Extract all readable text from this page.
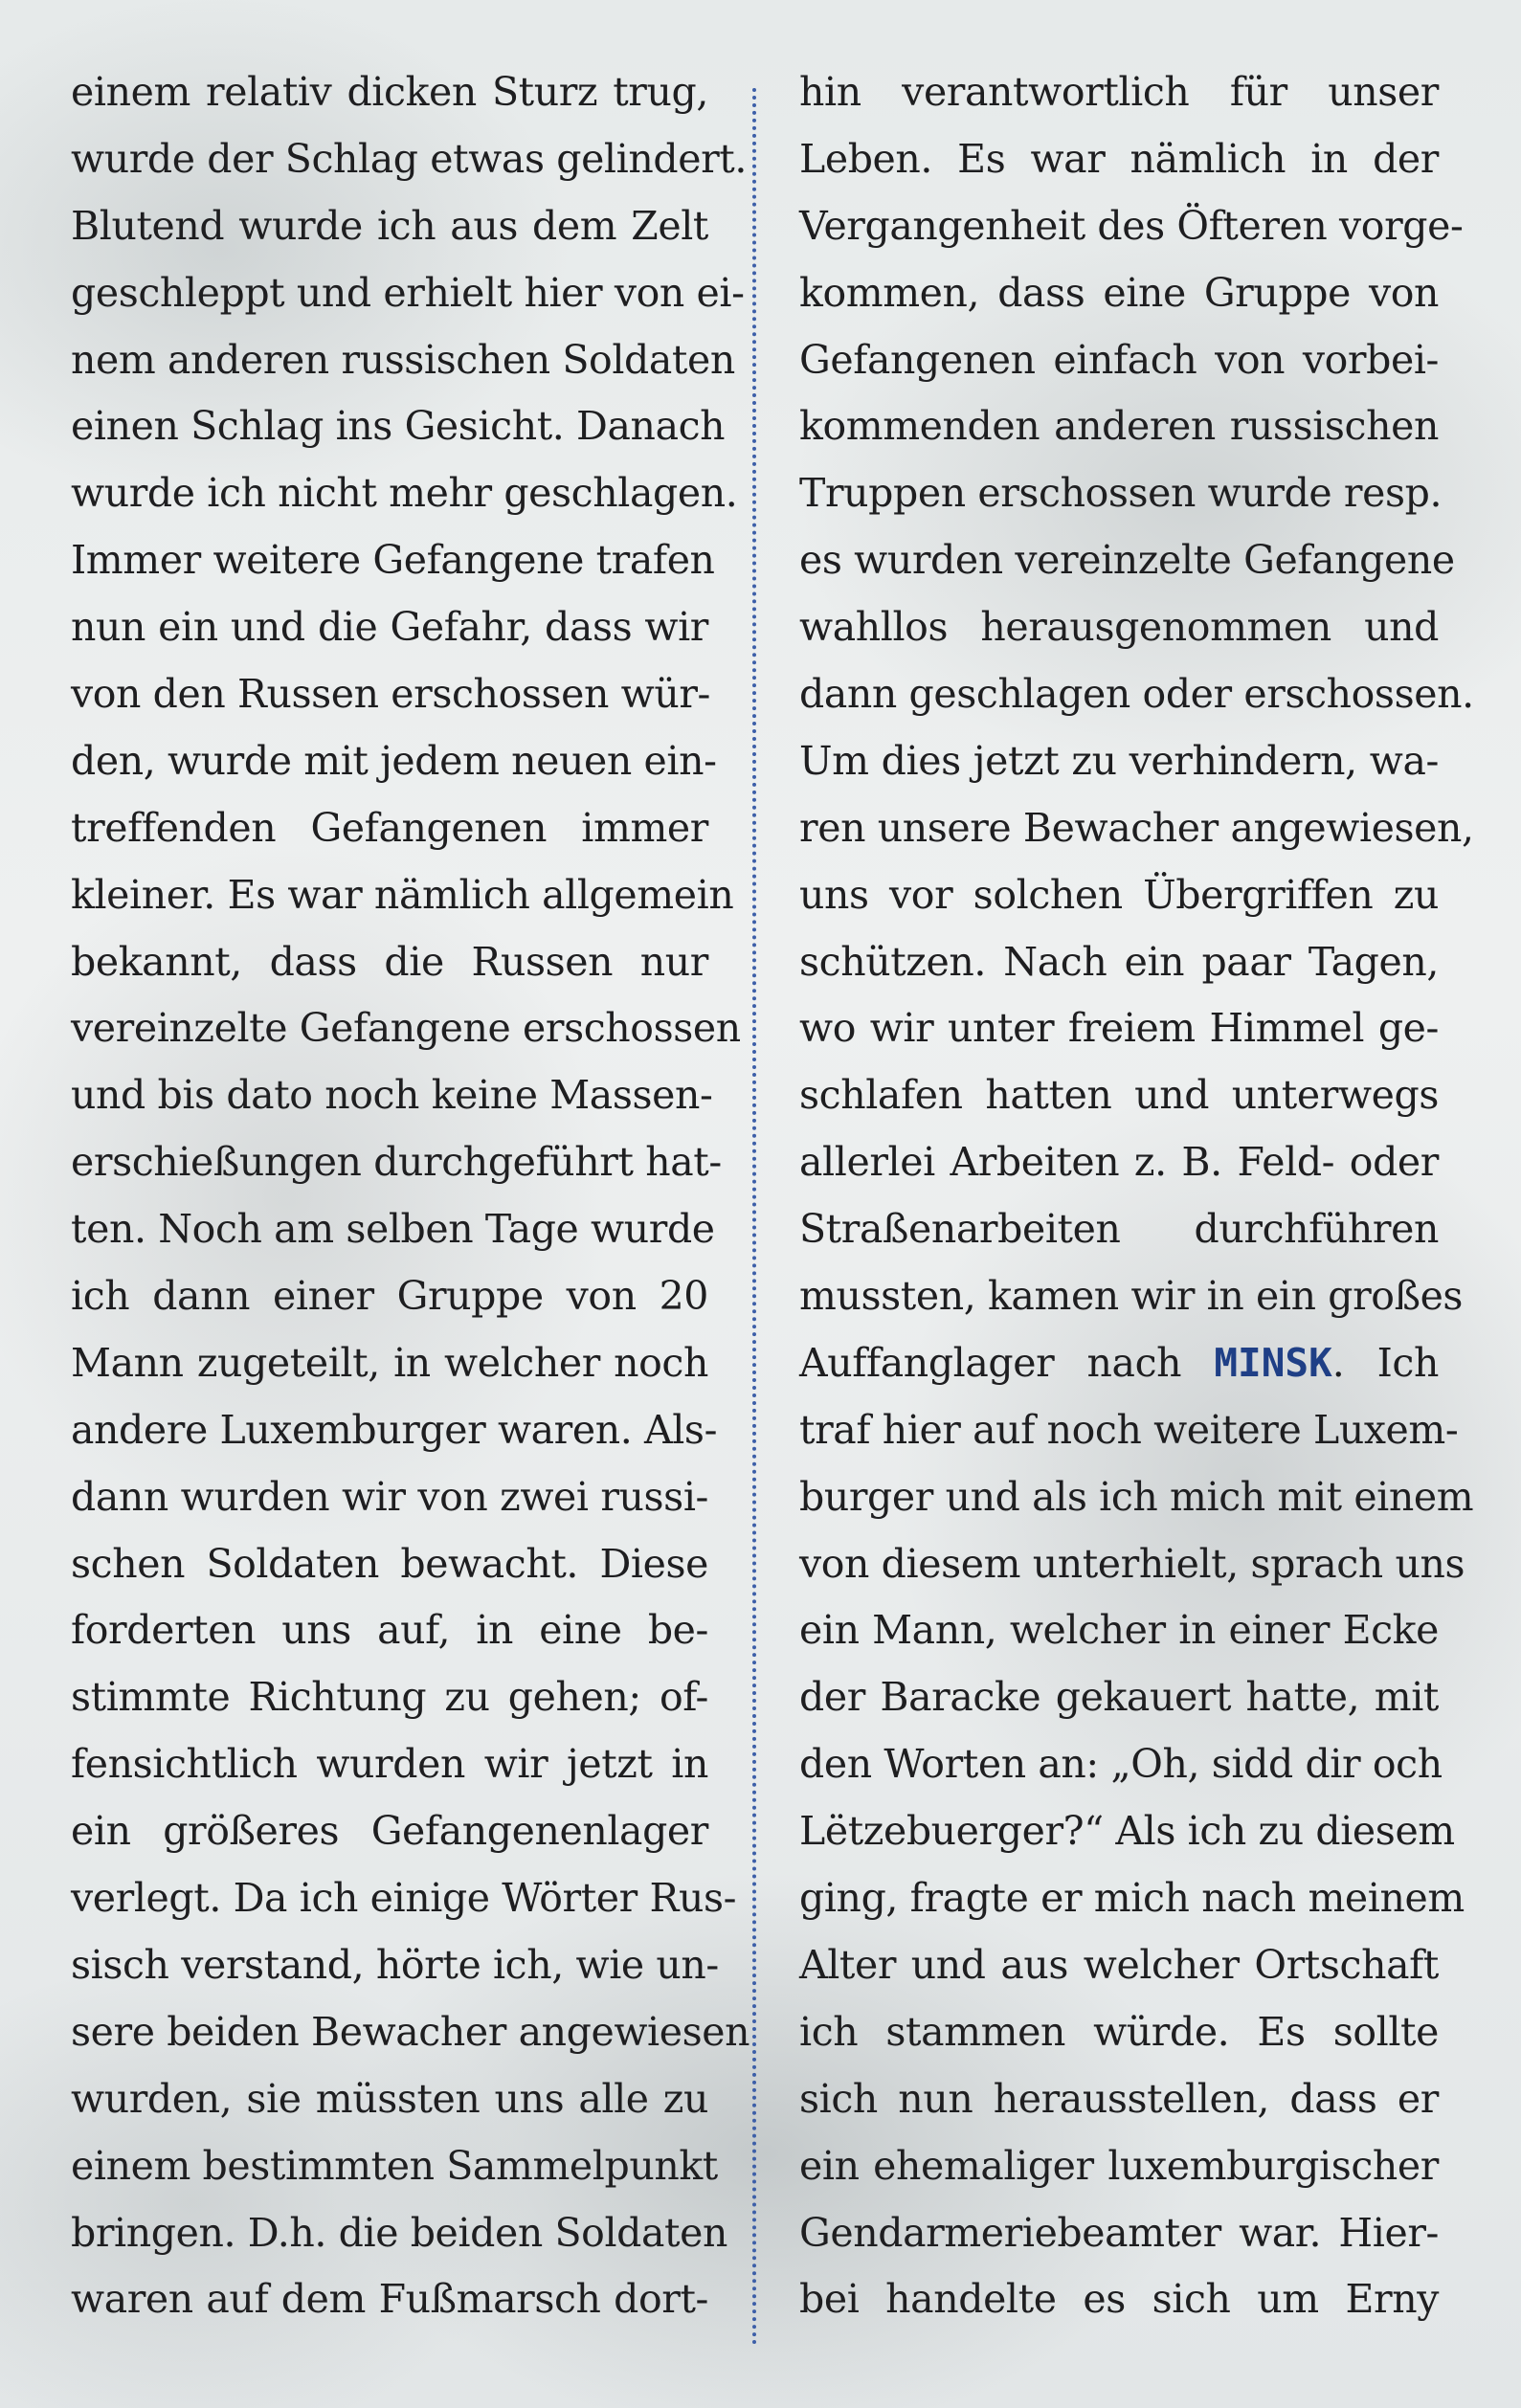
einem relativ dicken Sturz trug,
wurde der Schlag etwas gelindert.
Blutend wurde ich aus dem Zelt
geschleppt und erhielt hier von ei-
nem anderen russischen Soldaten
einen Schlag ins Gesicht. Danach
wurde ich nicht mehr geschlagen.
Immer weitere Gefangene trafen
nun ein und die Gefahr, dass wir
von den Russen erschossen wür-
den, wurde mit jedem neuen ein-
treffenden Gefangenen immer
kleiner. Es war nämlich allgemein
bekannt, dass die Russen nur
vereinzelte Gefangene erschossen
und bis dato noch keine Massen-
erschießungen durchgeführt hat-
ten. Noch am selben Tage wurde
ich dann einer Gruppe von 20
Mann zugeteilt, in welcher noch
andere Luxemburger waren. Als-
dann wurden wir von zwei russi-
schen Soldaten bewacht. Diese
forderten uns auf, in eine be-
stimmte Richtung zu gehen; of-
fensichtlich wurden wir jetzt in
ein größeres Gefangenenlager
verlegt. Da ich einige Wörter Rus-
sisch verstand, hörte ich, wie un-
sere beiden Bewacher angewiesen
wurden, sie müssten uns alle zu
einem bestimmten Sammelpunkt
bringen. D.h. die beiden Soldaten
waren auf dem Fußmarsch dort-
hin verantwortlich für unser
Leben. Es war nämlich in der
Vergangenheit des Öfteren vorge-
kommen, dass eine Gruppe von
Gefangenen einfach von vorbei-
kommenden anderen russischen
Truppen erschossen wurde resp.
es wurden vereinzelte Gefangene
wahllos herausgenommen und
dann geschlagen oder erschossen.
Um dies jetzt zu verhindern, wa-
ren unsere Bewacher angewiesen,
uns vor solchen Übergriffen zu
schützen. Nach ein paar Tagen,
wo wir unter freiem Himmel ge-
schlafen hatten und unterwegs
allerlei Arbeiten z. B. Feld- oder
Straßenarbeiten durchführen
mussten, kamen wir in ein großes
Auffanglager nach MINSK. Ich
traf hier auf noch weitere Luxem-
burger und als ich mich mit einem
von diesem unterhielt, sprach uns
ein Mann, welcher in einer Ecke
der Baracke gekauert hatte, mit
den Worten an: „Oh, sidd dir och
Lëtzebuerger?“ Als ich zu diesem
ging, fragte er mich nach meinem
Alter und aus welcher Ortschaft
ich stammen würde. Es sollte
sich nun herausstellen, dass er
ein ehemaliger luxemburgischer
Gendarmeriebeamter war. Hier-
bei handelte es sich um Erny
